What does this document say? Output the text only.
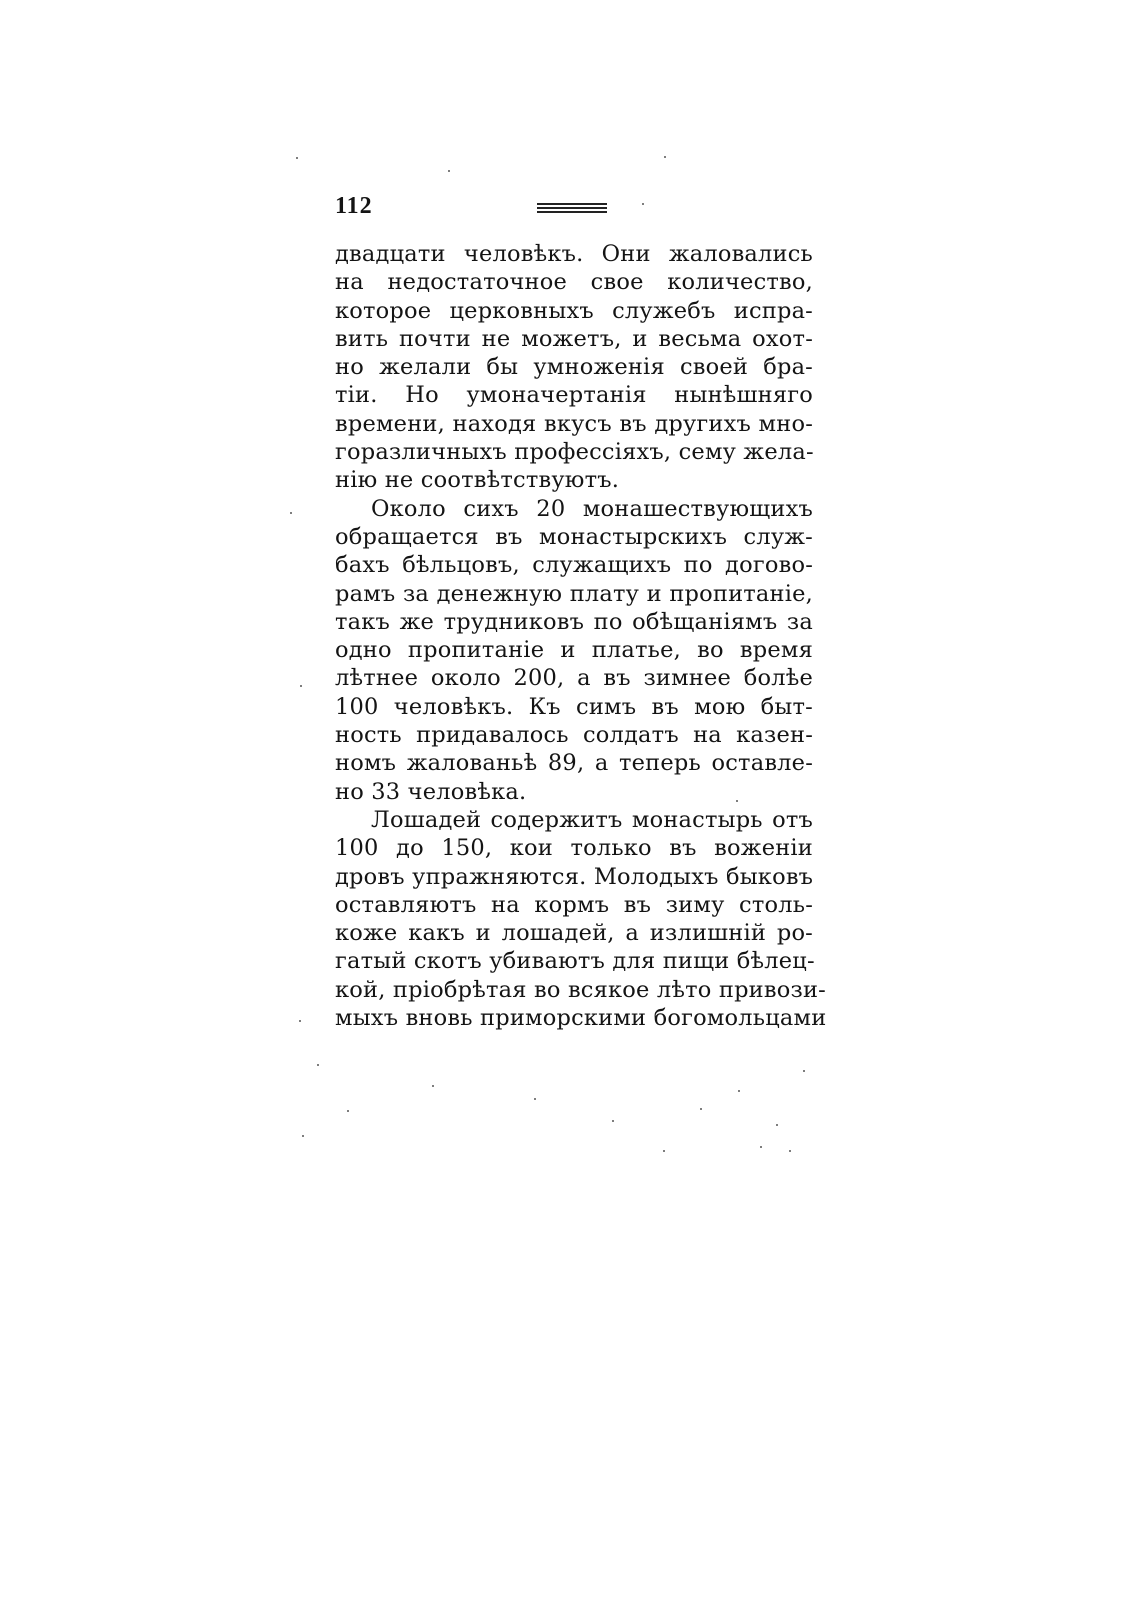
112
двадцати человѣкъ. Они жаловались
на недостаточное свое количество,
которое церковныхъ служебъ испра-
вить почти не можетъ, и весьма охот-
но желали бы умноженія своей бра-
тіи. Но умоначертанія нынѣшняго
времени, находя вкусъ въ другихъ мно-
горазличныхъ профессіяхъ, сему жела-
нію не соотвѣтствуютъ.
Около сихъ 20 монашествующихъ
обращается въ монастырскихъ служ-
бахъ бѣльцовъ, служащихъ по догово-
рамъ за денежную плату и пропитаніе,
такъ же трудниковъ по обѣщаніямъ за
одно пропитаніе и платье, во время
лѣтнее около 200, а въ зимнее болѣе
100 человѣкъ. Къ симъ въ мою быт-
ность придавалось солдатъ на казен-
номъ жалованьѣ 89, а теперь оставле-
но 33 человѣка.
Лошадей содержитъ монастырь отъ
100 до 150, кои только въ воженіи
дровъ упражняются. Молодыхъ быковъ
оставляютъ на кормъ въ зиму столь-
коже какъ и лошадей, а излишній ро-
гатый скотъ убиваютъ для пищи бѣлец-
кой, пріобрѣтая во всякое лѣто привози-
мыхъ вновь приморскими богомольцами
